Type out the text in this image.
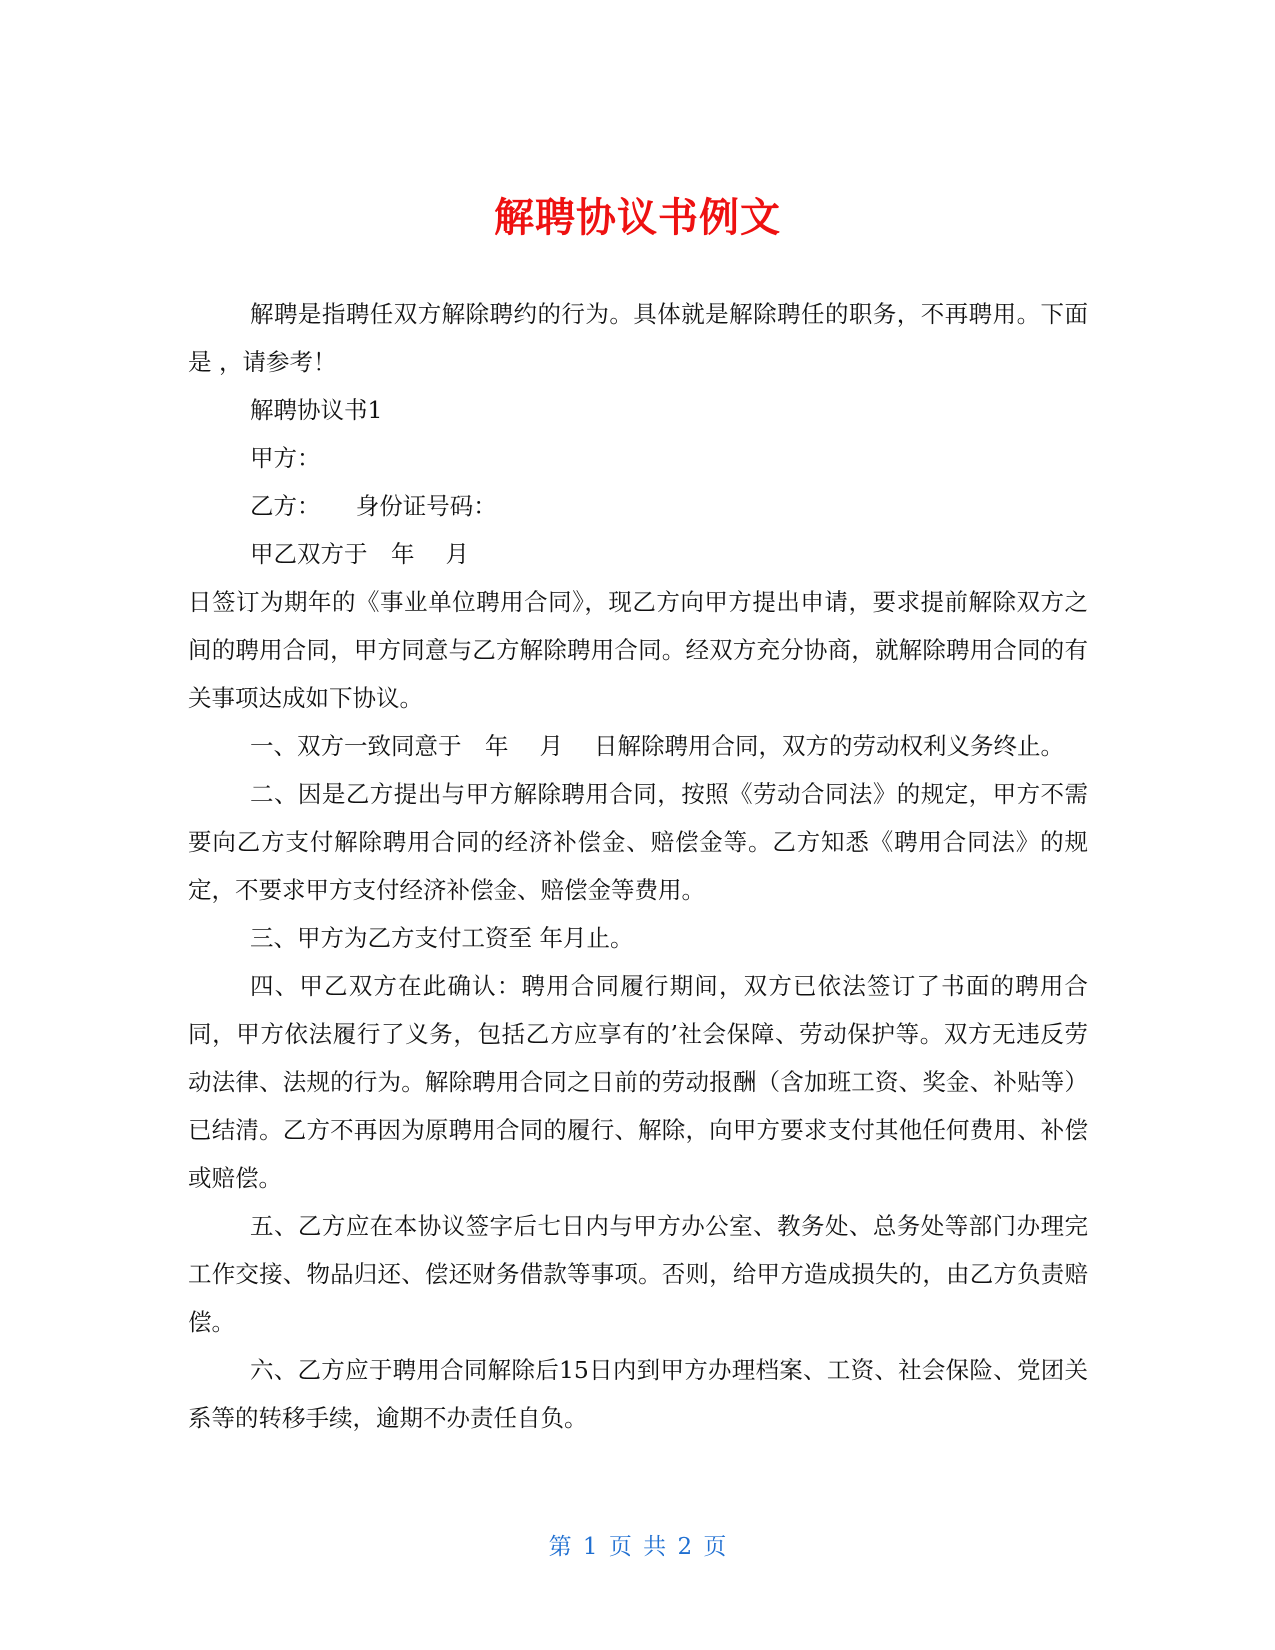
解聘协议书例文

解聘是指聘任双方解除聘约的行为。具体就是解除聘任的职务，不再聘用。下面是 ，请参考！

解聘协议书1

甲方：

乙方：　　身份证号码：

甲乙双方于　年　 月

日签订为期年的《事业单位聘用合同》，现乙方向甲方提出申请，要求提前解除双方之间的聘用合同，甲方同意与乙方解除聘用合同。经双方充分协商，就解除聘用合同的有关事项达成如下协议。

一、双方一致同意于　年　 月　 日解除聘用合同，双方的劳动权利义务终止。

二、因是乙方提出与甲方解除聘用合同，按照《劳动合同法》的规定，甲方不需要向乙方支付解除聘用合同的经济补偿金、赔偿金等。乙方知悉《聘用合同法》的规定，不要求甲方支付经济补偿金、赔偿金等费用。

三、甲方为乙方支付工资至 年月止。

四、甲乙双方在此确认：聘用合同履行期间，双方已依法签订了书面的聘用合同，甲方依法履行了义务，包括乙方应享有的’社会保障、劳动保护等。双方无违反劳动法律、法规的行为。解除聘用合同之日前的劳动报酬（含加班工资、奖金、补贴等）已结清。乙方不再因为原聘用合同的履行、解除，向甲方要求支付其他任何费用、补偿或赔偿。

五、乙方应在本协议签字后七日内与甲方办公室、教务处、总务处等部门办理完工作交接、物品归还、偿还财务借款等事项。否则，给甲方造成损失的，由乙方负责赔偿。

六、乙方应于聘用合同解除后15日内到甲方办理档案、工资、社会保险、党团关系等的转移手续，逾期不办责任自负。

第 1 页 共 2 页
